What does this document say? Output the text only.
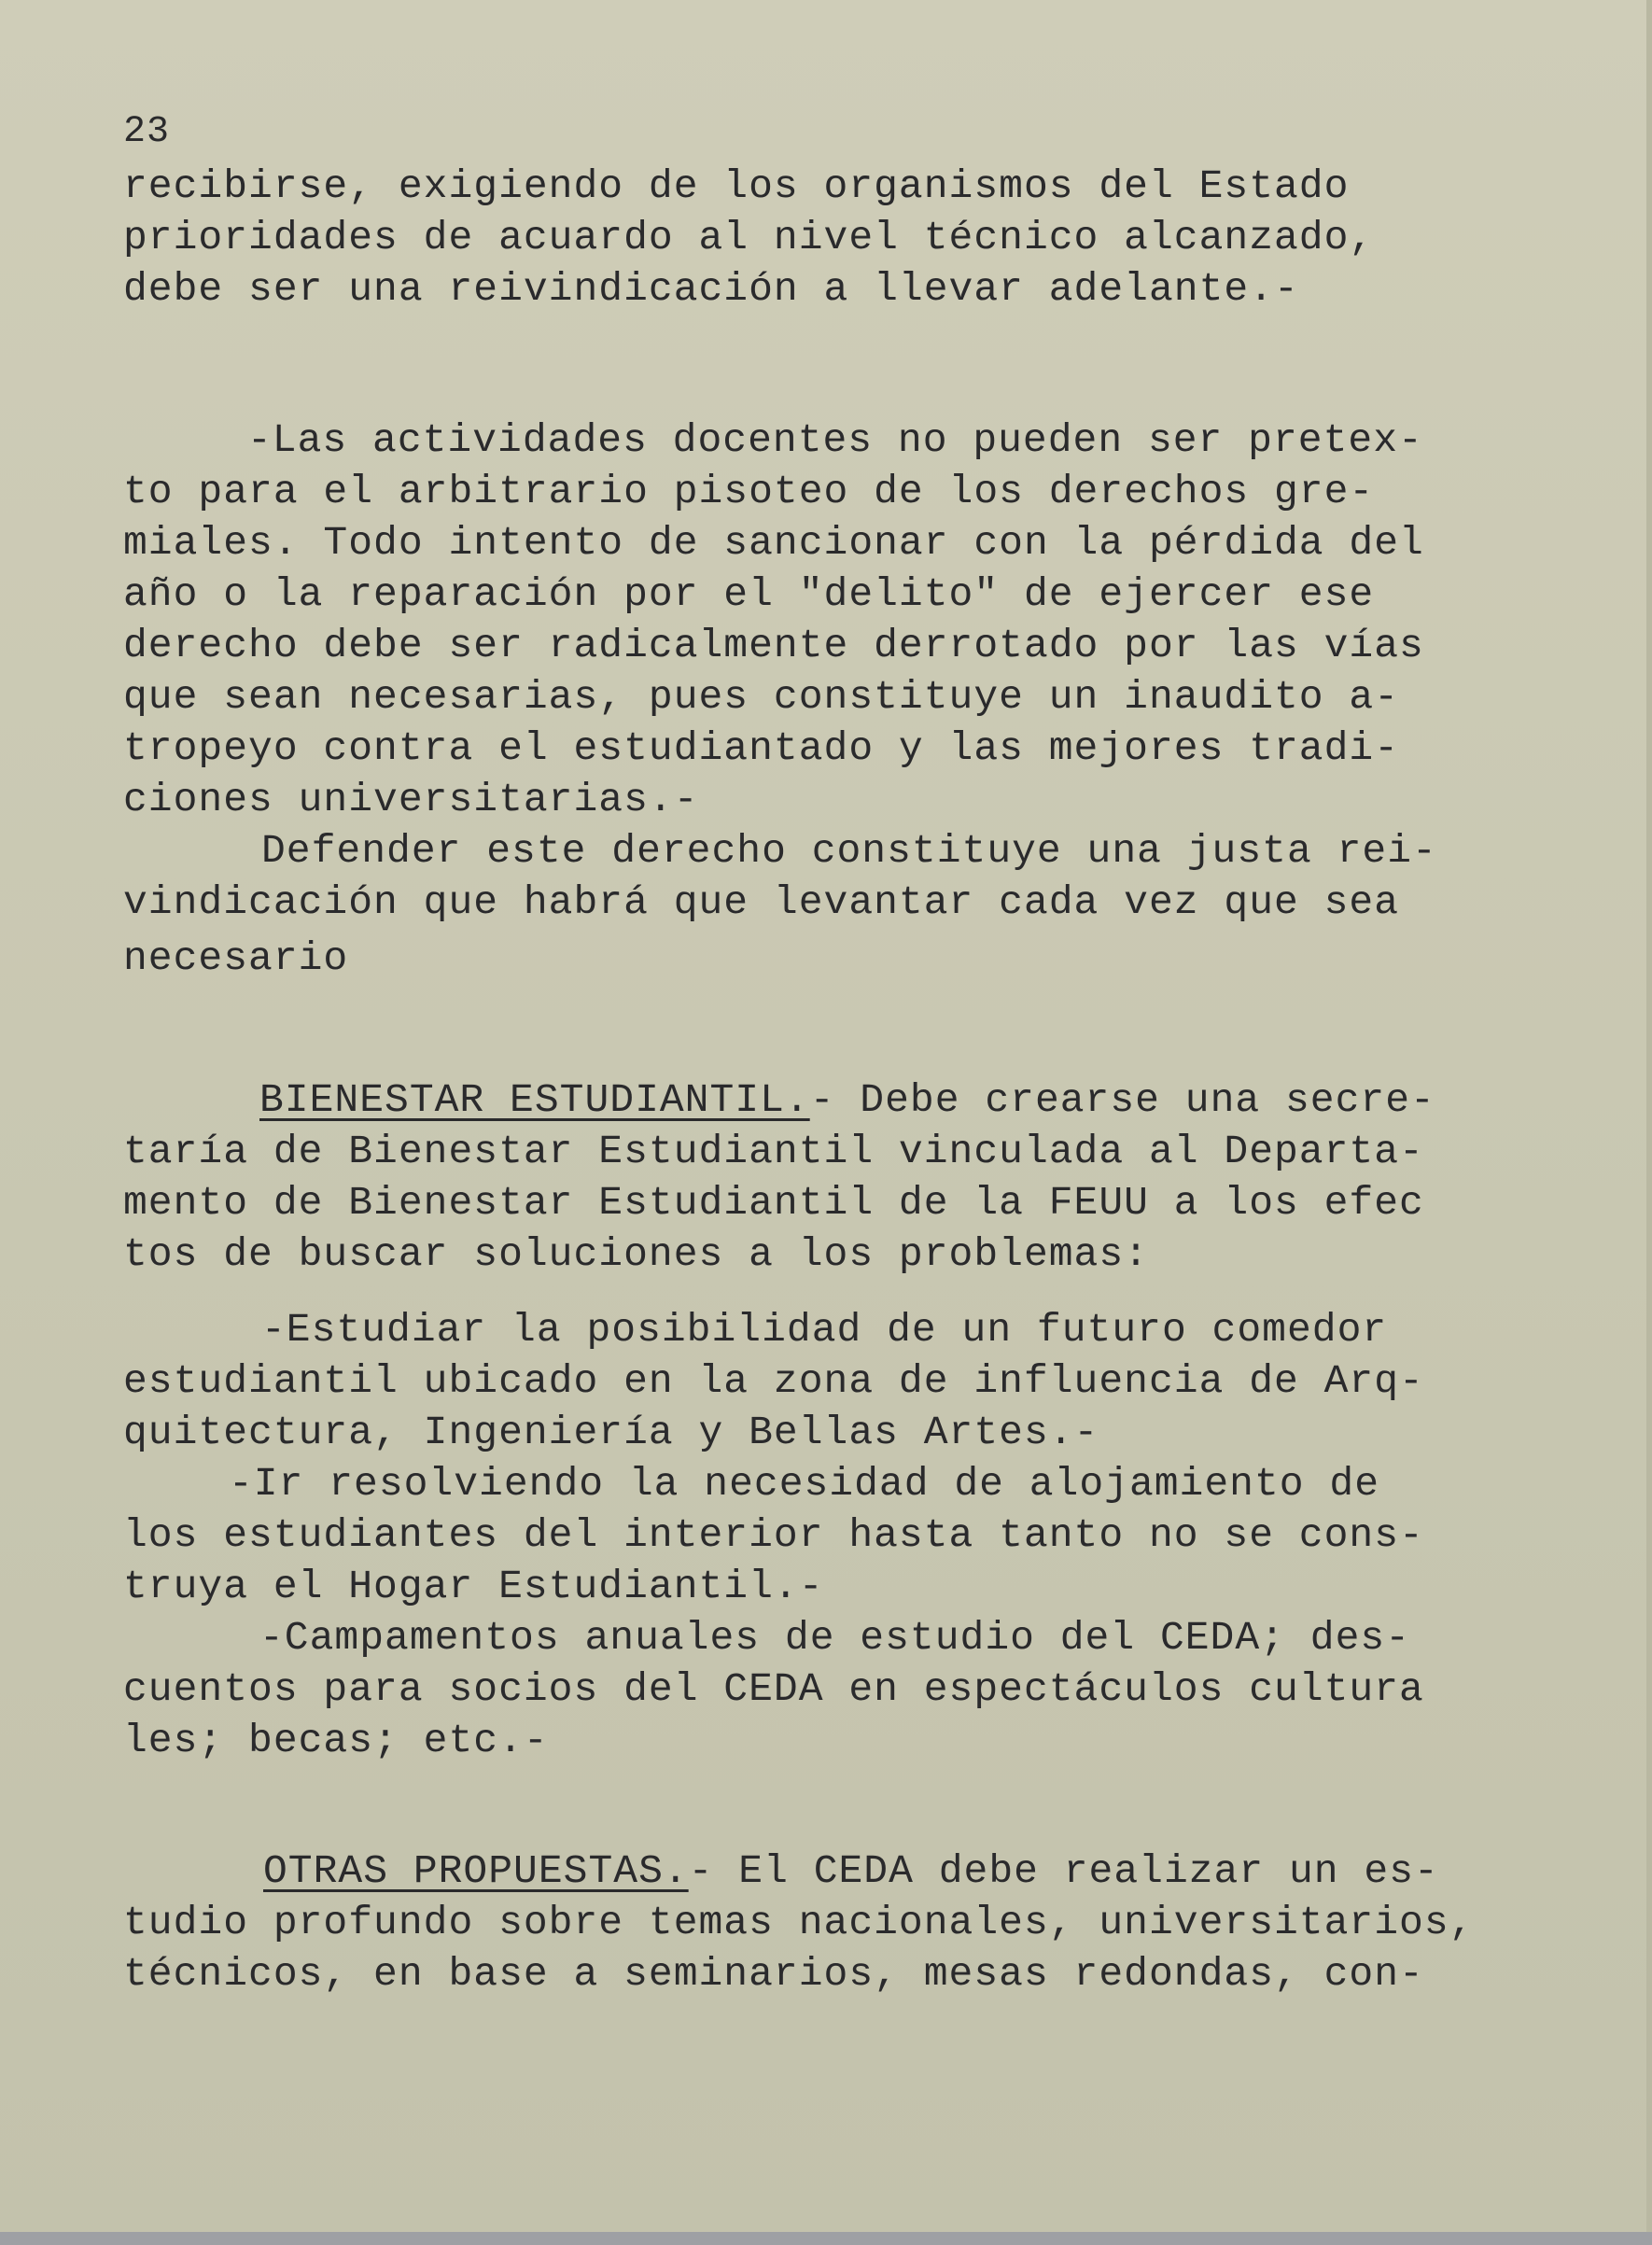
23
recibirse, exigiendo de los organismos del Estado
prioridades de acuardo al nivel técnico alcanzado,
debe ser una reivindicación a llevar adelante.-
-Las actividades docentes no pueden ser pretex-
to para el arbitrario pisoteo de los derechos gre-
miales. Todo intento de sancionar con la pérdida del
año o la reparación por el "delito" de ejercer ese
derecho debe ser radicalmente derrotado por las vías
que sean necesarias, pues constituye un inaudito a-
tropeyo contra el estudiantado y las mejores tradi-
ciones universitarias.-
Defender este derecho constituye una justa rei-
vindicación que habrá que levantar cada vez que sea
necesario
BIENESTAR ESTUDIANTIL.- Debe crearse una secre-
taría de Bienestar Estudiantil vinculada al Departa-
mento de Bienestar Estudiantil de la FEUU a los efec
tos de buscar soluciones a los problemas:
-Estudiar la posibilidad de un futuro comedor
estudiantil ubicado en la zona de influencia de Arq-
quitectura, Ingeniería y Bellas Artes.-
-Ir resolviendo la necesidad de alojamiento de
los estudiantes del interior hasta tanto no se cons-
truya el Hogar Estudiantil.-
-Campamentos anuales de estudio del CEDA; des-
cuentos para socios del CEDA en espectáculos cultura
les; becas; etc.-
OTRAS PROPUESTAS.- El CEDA debe realizar un es-
tudio profundo sobre temas nacionales, universitarios,
técnicos, en base a seminarios, mesas redondas, con-
